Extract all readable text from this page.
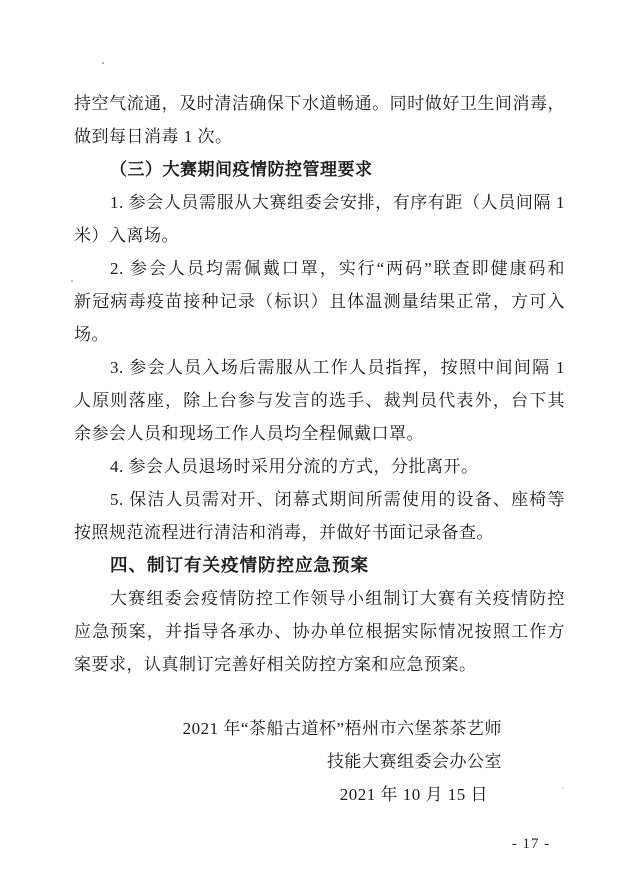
持空气流通，及时清洁确保下水道畅通。同时做好卫生间消毒，
做到每日消毒 1 次。
（三）大赛期间疫情防控管理要求
1. 参会人员需服从大赛组委会安排，有序有距（人员间隔 1
米）入离场。
2. 参会人员均需佩戴口罩，实行“两码”联查即健康码和
新冠病毒疫苗接种记录（标识）且体温测量结果正常，方可入
场。
3. 参会人员入场后需服从工作人员指挥，按照中间间隔 1
人原则落座，除上台参与发言的选手、裁判员代表外，台下其
余参会人员和现场工作人员均全程佩戴口罩。
4. 参会人员退场时采用分流的方式，分批离开。
5. 保洁人员需对开、闭幕式期间所需使用的设备、座椅等
按照规范流程进行清洁和消毒，并做好书面记录备查。
四、制订有关疫情防控应急预案
大赛组委会疫情防控工作领导小组制订大赛有关疫情防控
应急预案，并指导各承办、协办单位根据实际情况按照工作方
案要求，认真制订完善好相关防控方案和应急预案。
2021 年“茶船古道杯”梧州市六堡茶茶艺师
技能大赛组委会办公室
2021 年 10 月 15 日
- 17 -
